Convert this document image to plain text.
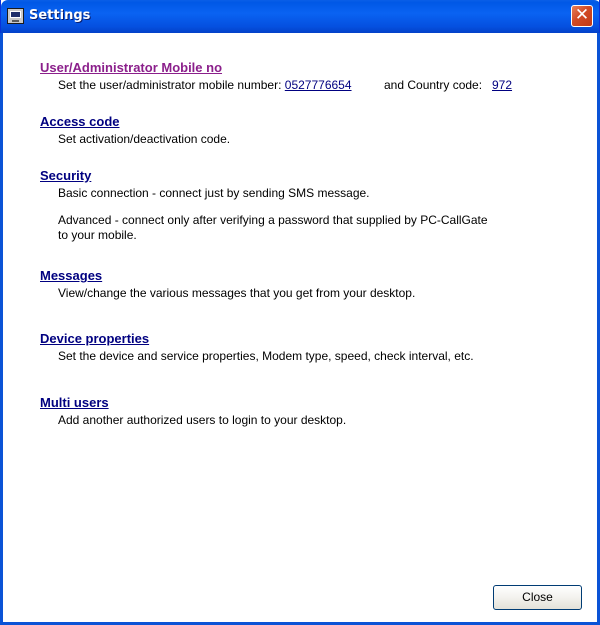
Settings	✕
User/Administrator Mobile no
Set the user/administrator mobile number: 0527776654	and Country code: 972
Access code
Set activation/deactivation code.
Security
Basic connection - connect just by sending SMS message.
Advanced - connect only after verifying a password that supplied by PC-CallGate
to your mobile.
Messages
View/change the various messages that you get from your desktop.
Device properties
Set the device and service properties, Modem type, speed, check interval, etc.
Multi users
Add another authorized users to login to your desktop.
Close
